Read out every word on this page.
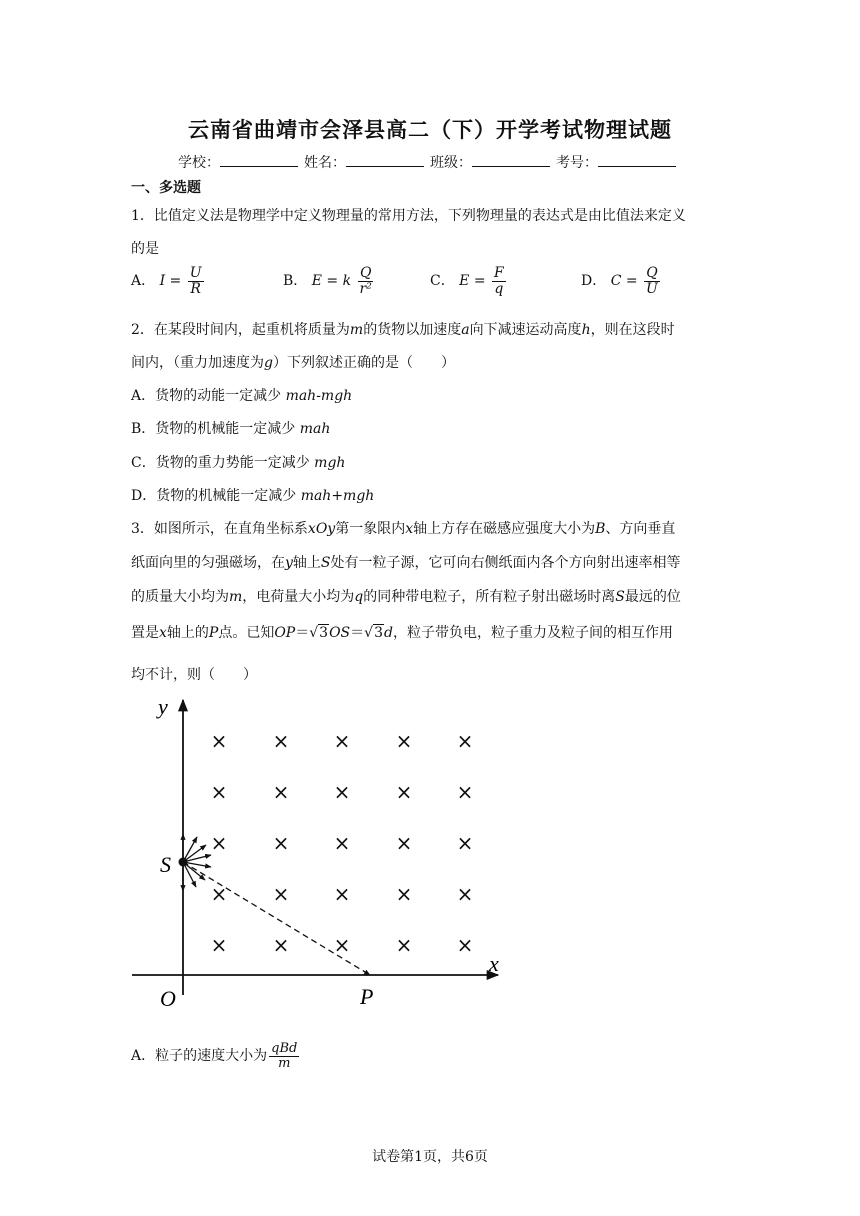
云南省曲靖市会泽县高二（下）开学考试物理试题
学校：	姓名：	班级：	考号：
一、多选题
1．比值定义法是物理学中定义物理量的常用方法，下列物理量的表达式是由比值法来定义
的是
A． $I = \frac{U}{R}$	B． E = k $\frac{Q}{\text{r²}}$	C． $E = \frac{F}{q}$	D． $C = \frac{Q}{U}$
2．在某段时间内，起重机将质量为m的货物以加速度a向下减速运动高度h，则在这段时
间内，（重力加速度为g）下列叙述正确的是（　　）
A．货物的动能一定减少 mah-mgh
B．货物的机械能一定减少 mah
C．货物的重力势能一定减少 mgh
D．货物的机械能一定减少 mah+mgh
3．如图所示，在直角坐标系xOy第一象限内x轴上方存在磁感应强度大小为B、方向垂直
纸面向里的匀强磁场，在y轴上S处有一粒子源，它可向右侧纸面内各个方向射出速率相等
的质量大小均为m，电荷量大小均为q的同种带电粒子，所有粒子射出磁场时离S最远的位
置是x轴上的P点。已知OP＝√3OS＝√3d，粒子带负电，粒子重力及粒子间的相互作用
均不计，则（　　）
y
x
O	P
S
× × × × ×
× × × × ×
× × × × ×
× × × × ×
× × × × ×
A．粒子的速度大小为 $\frac{\text{qBd}}{m}$
试卷第1页，共6页
